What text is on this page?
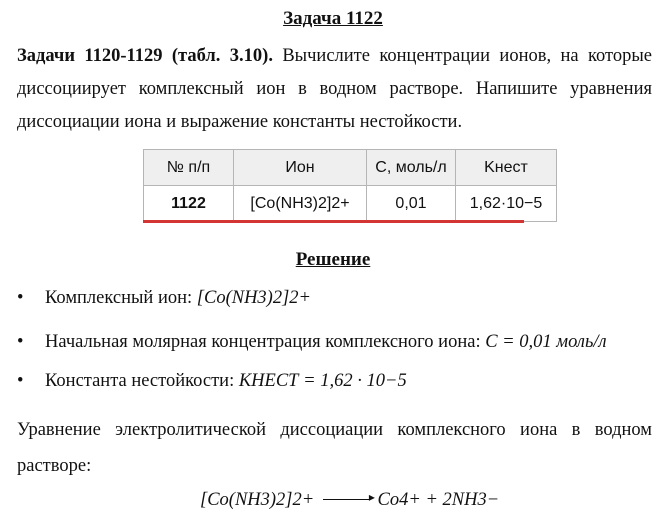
Задача 1122
Задачи 1120-1129 (табл. 3.10). Вычислите концентрации ионов, на которые диссоциирует комплексный ион в водном растворе. Напишите уравнения диссоциации иона и выражение константы нестойкости.
№ п/п	Ион	C, моль/л	Kнест
1122	[Co(NH3)2]2+	0,01	1,62·10−5
Решение
• Комплексный ион: [Co(NH3)2]2+
• Начальная молярная концентрация комплексного иона: C = 0,01 моль/л
• Константа нестойкости: KНЕСТ = 1,62 · 10−5
Уравнение электролитической диссоциации комплексного иона в водном растворе:
[Co(NH3)2]2+ ▸	Co4+ + 2NH3−
